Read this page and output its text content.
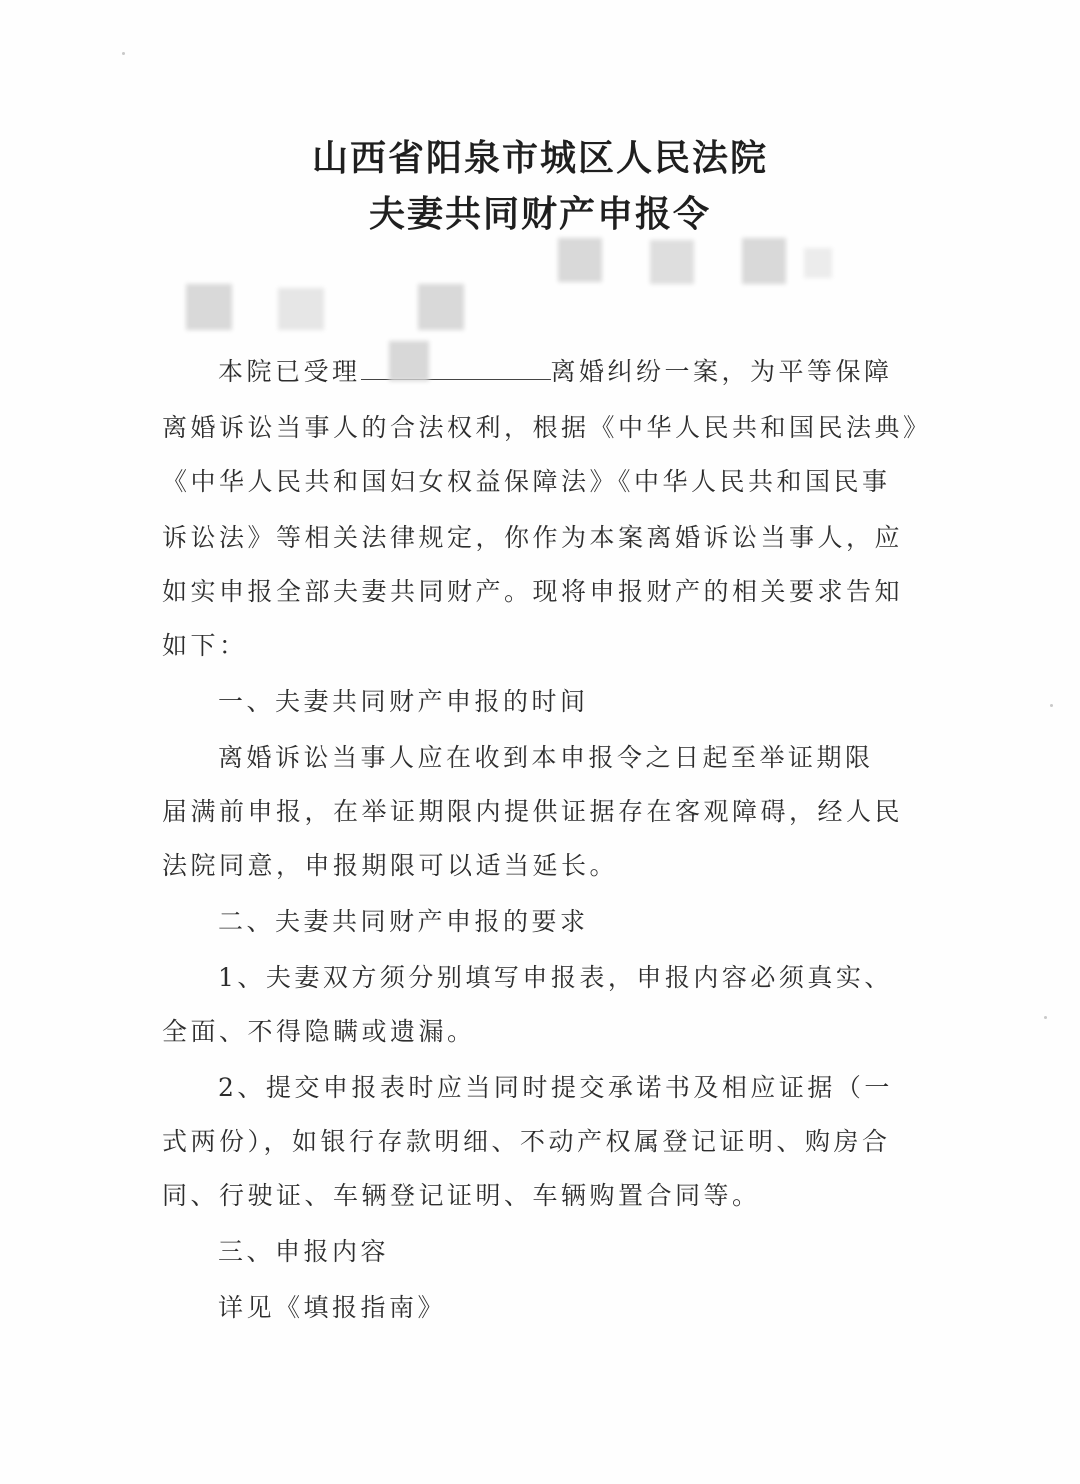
山西省阳泉市城区人民法院
夫妻共同财产申报令
本院已受理	离婚纠纷一案，为平等保障
离婚诉讼当事人的合法权利，根据《中华人民共和国民法典》
《中华人民共和国妇女权益保障法》《中华人民共和国民事
诉讼法》等相关法律规定，你作为本案离婚诉讼当事人，应
如实申报全部夫妻共同财产。现将申报财产的相关要求告知
如下：
一、夫妻共同财产申报的时间
离婚诉讼当事人应在收到本申报令之日起至举证期限
届满前申报，在举证期限内提供证据存在客观障碍，经人民
法院同意，申报期限可以适当延长。
二、夫妻共同财产申报的要求
1、夫妻双方须分别填写申报表，申报内容必须真实、
全面、不得隐瞒或遗漏。
2、提交申报表时应当同时提交承诺书及相应证据（一
式两份），如银行存款明细、不动产权属登记证明、购房合
同、行驶证、车辆登记证明、车辆购置合同等。
三、申报内容
详见《填报指南》
